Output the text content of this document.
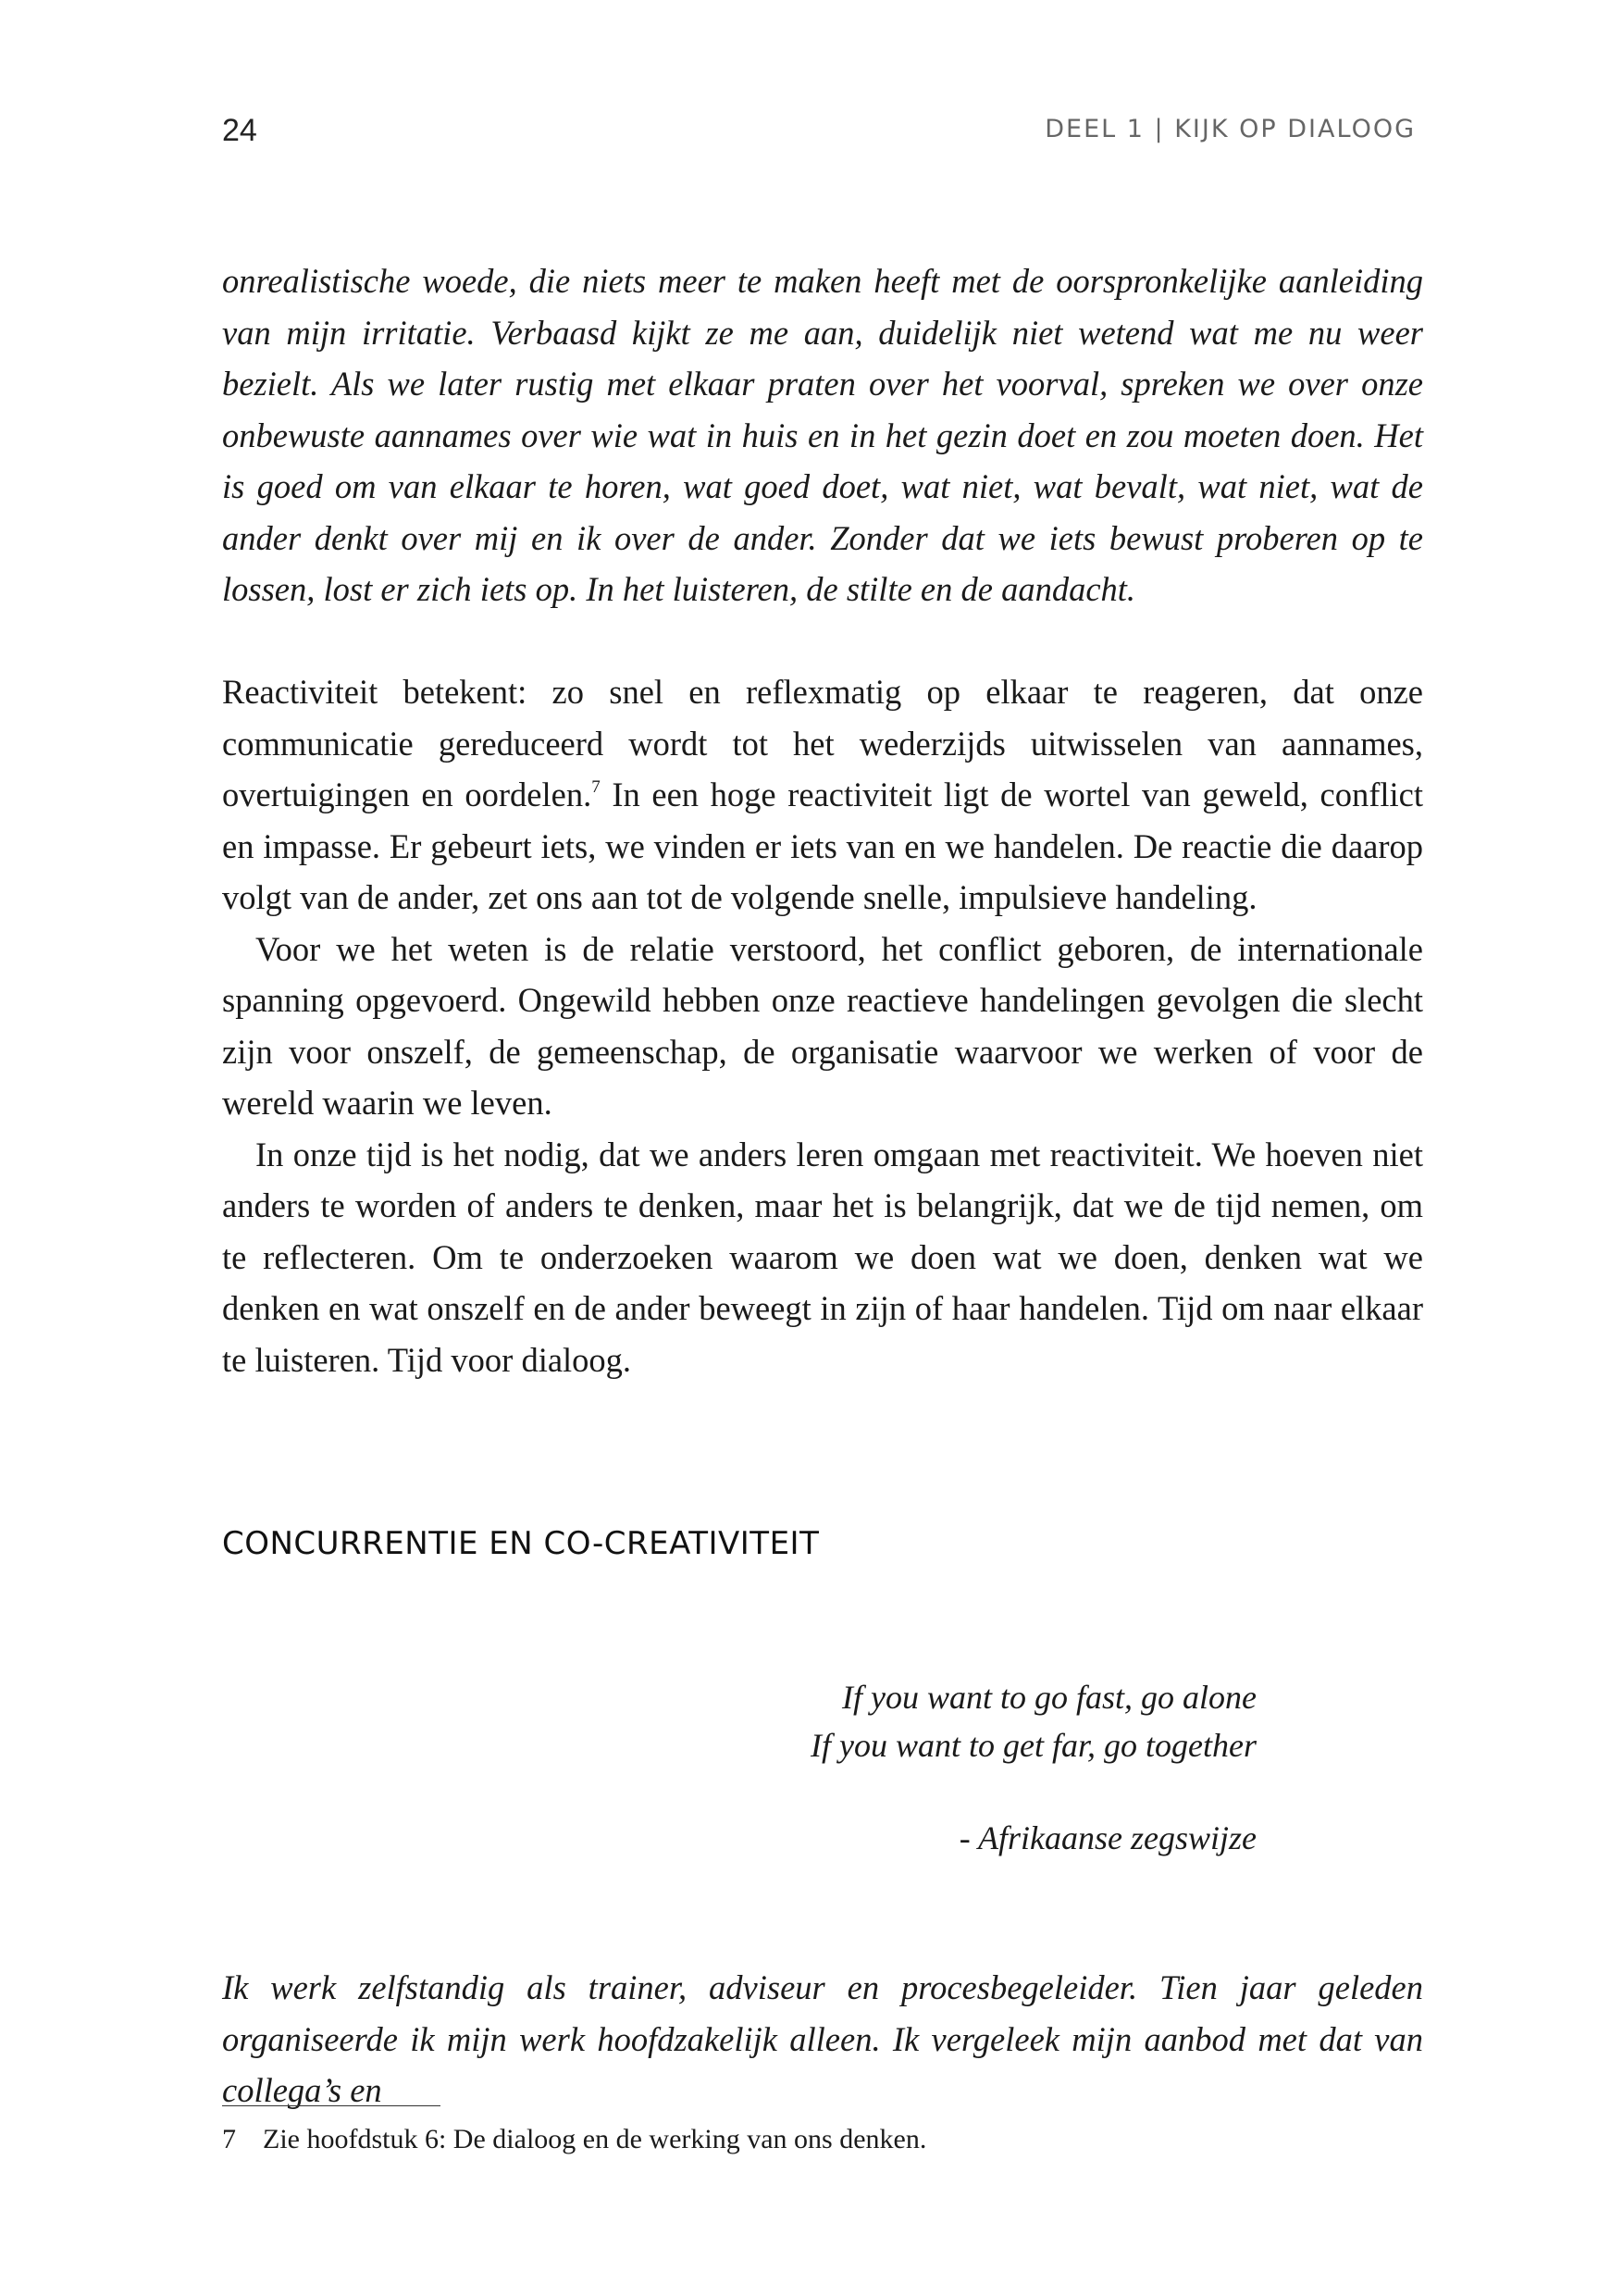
24	DEEL 1 | KIJK OP DIALOOG

onrealistische woede, die niets meer te maken heeft met de oorspronkelijke aanleiding van mijn irritatie. Verbaasd kijkt ze me aan, duidelijk niet wetend wat me nu weer bezielt. Als we later rustig met elkaar praten over het voorval, spreken we over onze onbewuste aannames over wie wat in huis en in het gezin doet en zou moeten doen. Het is goed om van elkaar te horen, wat goed doet, wat niet, wat bevalt, wat niet, wat de ander denkt over mij en ik over de ander. Zonder dat we iets bewust proberen op te lossen, lost er zich iets op. In het luisteren, de stilte en de aandacht.

Reactiviteit betekent: zo snel en reflexmatig op elkaar te reageren, dat onze communicatie gereduceerd wordt tot het wederzijds uitwisselen van aannames, overtuigingen en oordelen.$^7$ In een hoge reactiviteit ligt de wortel van geweld, conflict en impasse. Er gebeurt iets, we vinden er iets van en we handelen. De reactie die daarop volgt van de ander, zet ons aan tot de volgende snelle, impulsieve handeling.

Voor we het weten is de relatie verstoord, het conflict geboren, de internationale spanning opgevoerd. Ongewild hebben onze reactieve handelingen gevolgen die slecht zijn voor onszelf, de gemeenschap, de organisatie waarvoor we werken of voor de wereld waarin we leven.

In onze tijd is het nodig, dat we anders leren omgaan met reactiviteit. We hoeven niet anders te worden of anders te denken, maar het is belangrijk, dat we de tijd nemen, om te reflecteren. Om te onderzoeken waarom we doen wat we doen, denken wat we denken en wat onszelf en de ander beweegt in zijn of haar handelen. Tijd om naar elkaar te luisteren. Tijd voor dialoog.

CONCURRENTIE EN CO-CREATIVITEIT
If you want to go fast, go alone
If you want to get far, go together
- Afrikaanse zegswijze

Ik werk zelfstandig als trainer, adviseur en procesbegeleider. Tien jaar geleden organiseerde ik mijn werk hoofdzakelijk alleen. Ik vergeleek mijn aanbod met dat van collega’s en

7 Zie hoofdstuk 6: De dialoog en de werking van ons denken.
